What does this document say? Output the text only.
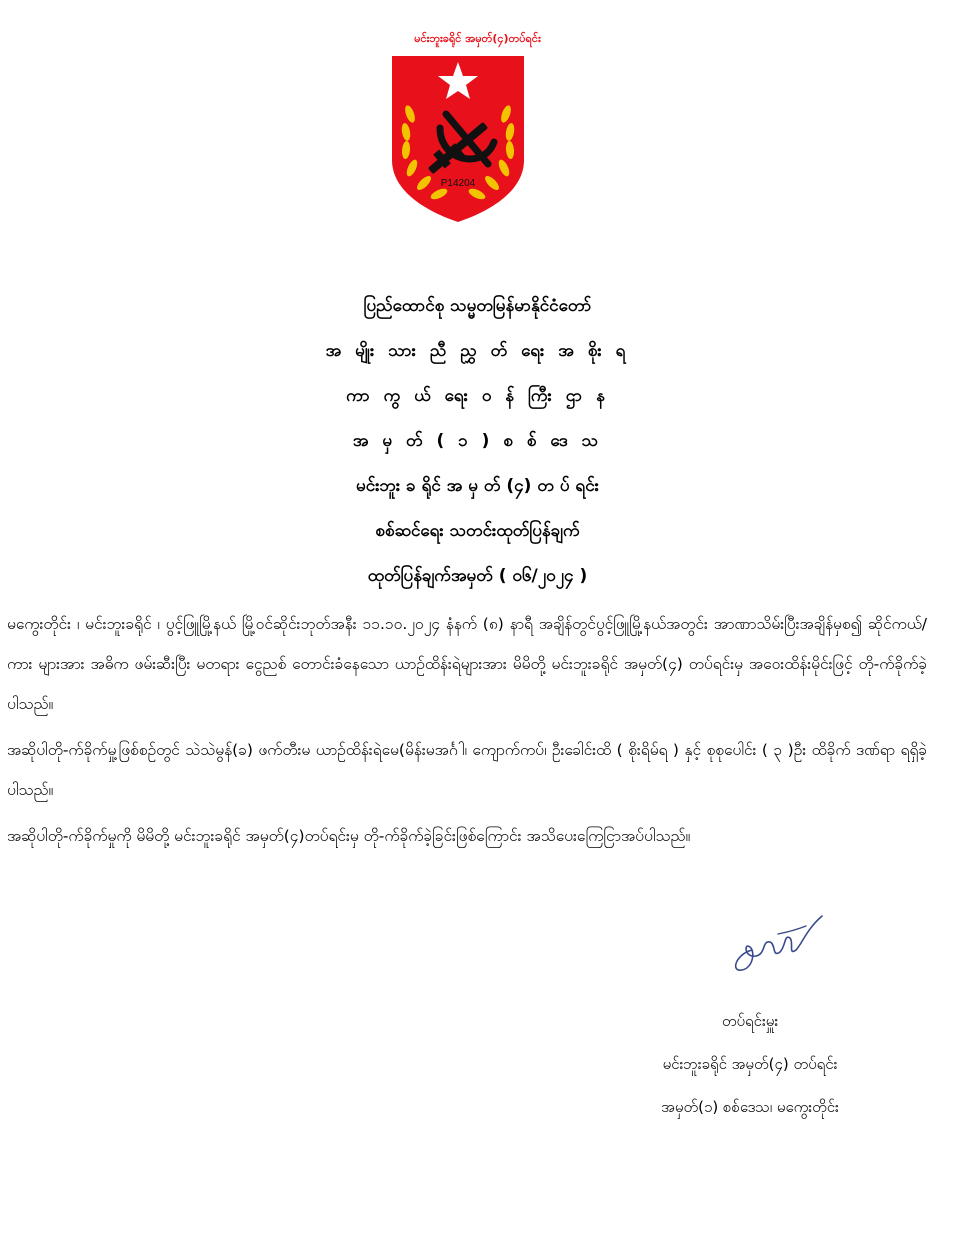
မင်းဘူးခရိုင် အမှတ်(၄)တပ်ရင်း
P14204
ပြည်ထောင်စု သမ္မတမြန်မာနိုင်ငံတော်
အ မျိုး သား ညီ ညွှ တ် ရေး အ စိုး ရ
ကာ ကွ ယ် ရေး ဝ န် ကြီး ဌာ န
အ မှ တ် ( ၁ ) စ စ် ဒေ သ
မင်းဘူး ခ ရိုင် အ မှ တ် (၄) တ ပ် ရင်း
စစ်ဆင်ရေး သတင်းထုတ်ပြန်ချက်
ထုတ်ပြန်ချက်အမှတ် ( ၀၆/၂၀၂၄ )

မကွေးတိုင်း ၊ မင်းဘူးခရိုင် ၊ ပွင့်ဖြူမြို့နယ် မြို့ဝင်ဆိုင်းဘုတ်အနီး ၁၁.၁၀.၂၀၂၄ နံနက် (၈) နာရီ အချိန်တွင်ပွင့်ဖြူမြို့နယ်အတွင်း အာဏာသိမ်းပြီးအချိန်မှစ၍ ဆိုင်ကယ်/ကား များအား အဓိက ဖမ်းဆီးပြီး မတရား ငွေညစ် တောင်းခံနေသော ယာဉ်ထိန်းရဲများအား မိမိတို့ မင်းဘူးခရိုင် အမှတ်(၄) တပ်ရင်းမှ အဝေးထိန်းမိုင်းဖြင့် တို-က်ခိုက်ခဲ့ပါသည်။

အဆိုပါတို-က်ခိုက်မှု့ဖြစ်စဉ်တွင် သဲသဲမွန်(ခ) ဖက်တီးမ ယာဉ်ထိန်းရဲမေ(မိန်းမအင်္ဂါ၊ ကျောက်ကပ်၊ ဦးခေါင်းထိ ( စိုးရိမ်ရ ) နှင့် စုစုပေါင်း ( ၃ )ဦး ထိခိုက် ဒဏ်ရာ ရရှိခဲ့ပါသည်။

အဆိုပါတို-က်ခိုက်မှုကို မိမိတို့ မင်းဘူးခရိုင် အမှတ်(၄)တပ်ရင်းမှ တို-က်ခိုက်ခဲ့ခြင်းဖြစ်ကြောင်း အသိပေးကြေငြာအပ်ပါသည်။

တပ်ရင်းမှူး
မင်းဘူးခရိုင် အမှတ်(၄) တပ်ရင်း
အမှတ်(၁) စစ်ဒေသ၊ မကွေးတိုင်း
